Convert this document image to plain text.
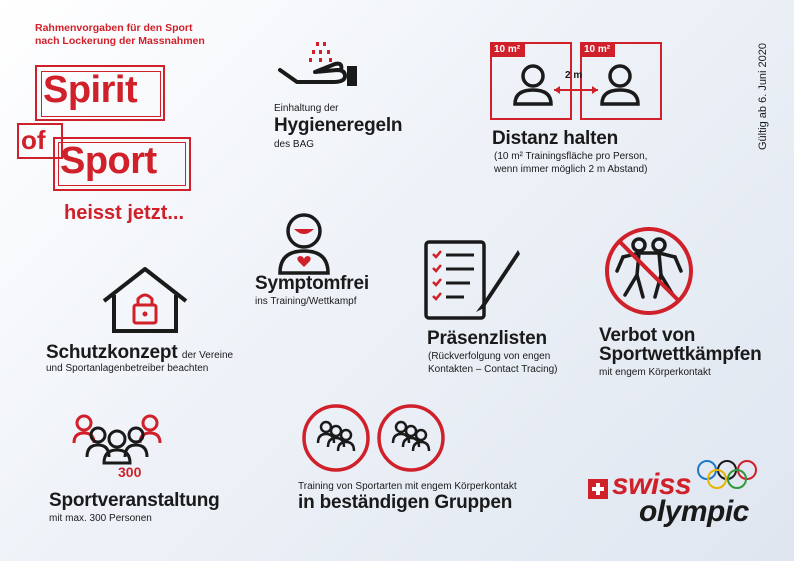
Rahmenvorgaben für den Sport
nach Lockerung der Massnahmen
Spirit
of Sport
heisst jetzt...
Gültig ab 6. Juni 2020
Einhaltung der
Hygieneregeln
des BAG
10 m²	10 m²
2 m
Distanz halten
(10 m² Trainingsfläche pro Person,
wenn immer möglich 2 m Abstand)
Symptomfrei
ins Training/Wettkampf
Schutzkonzept der Vereine
und Sportanlagenbetreiber beachten
Präsenzlisten
(Rückverfolgung von engen
Kontakten – Contact Tracing)
Verbot von
Sportwettkämpfen
mit engem Körperkontakt
300
Sportveranstaltung
mit max. 300 Personen
Training von Sportarten mit engem Körperkontakt
in beständigen Gruppen
swiss
olympic
